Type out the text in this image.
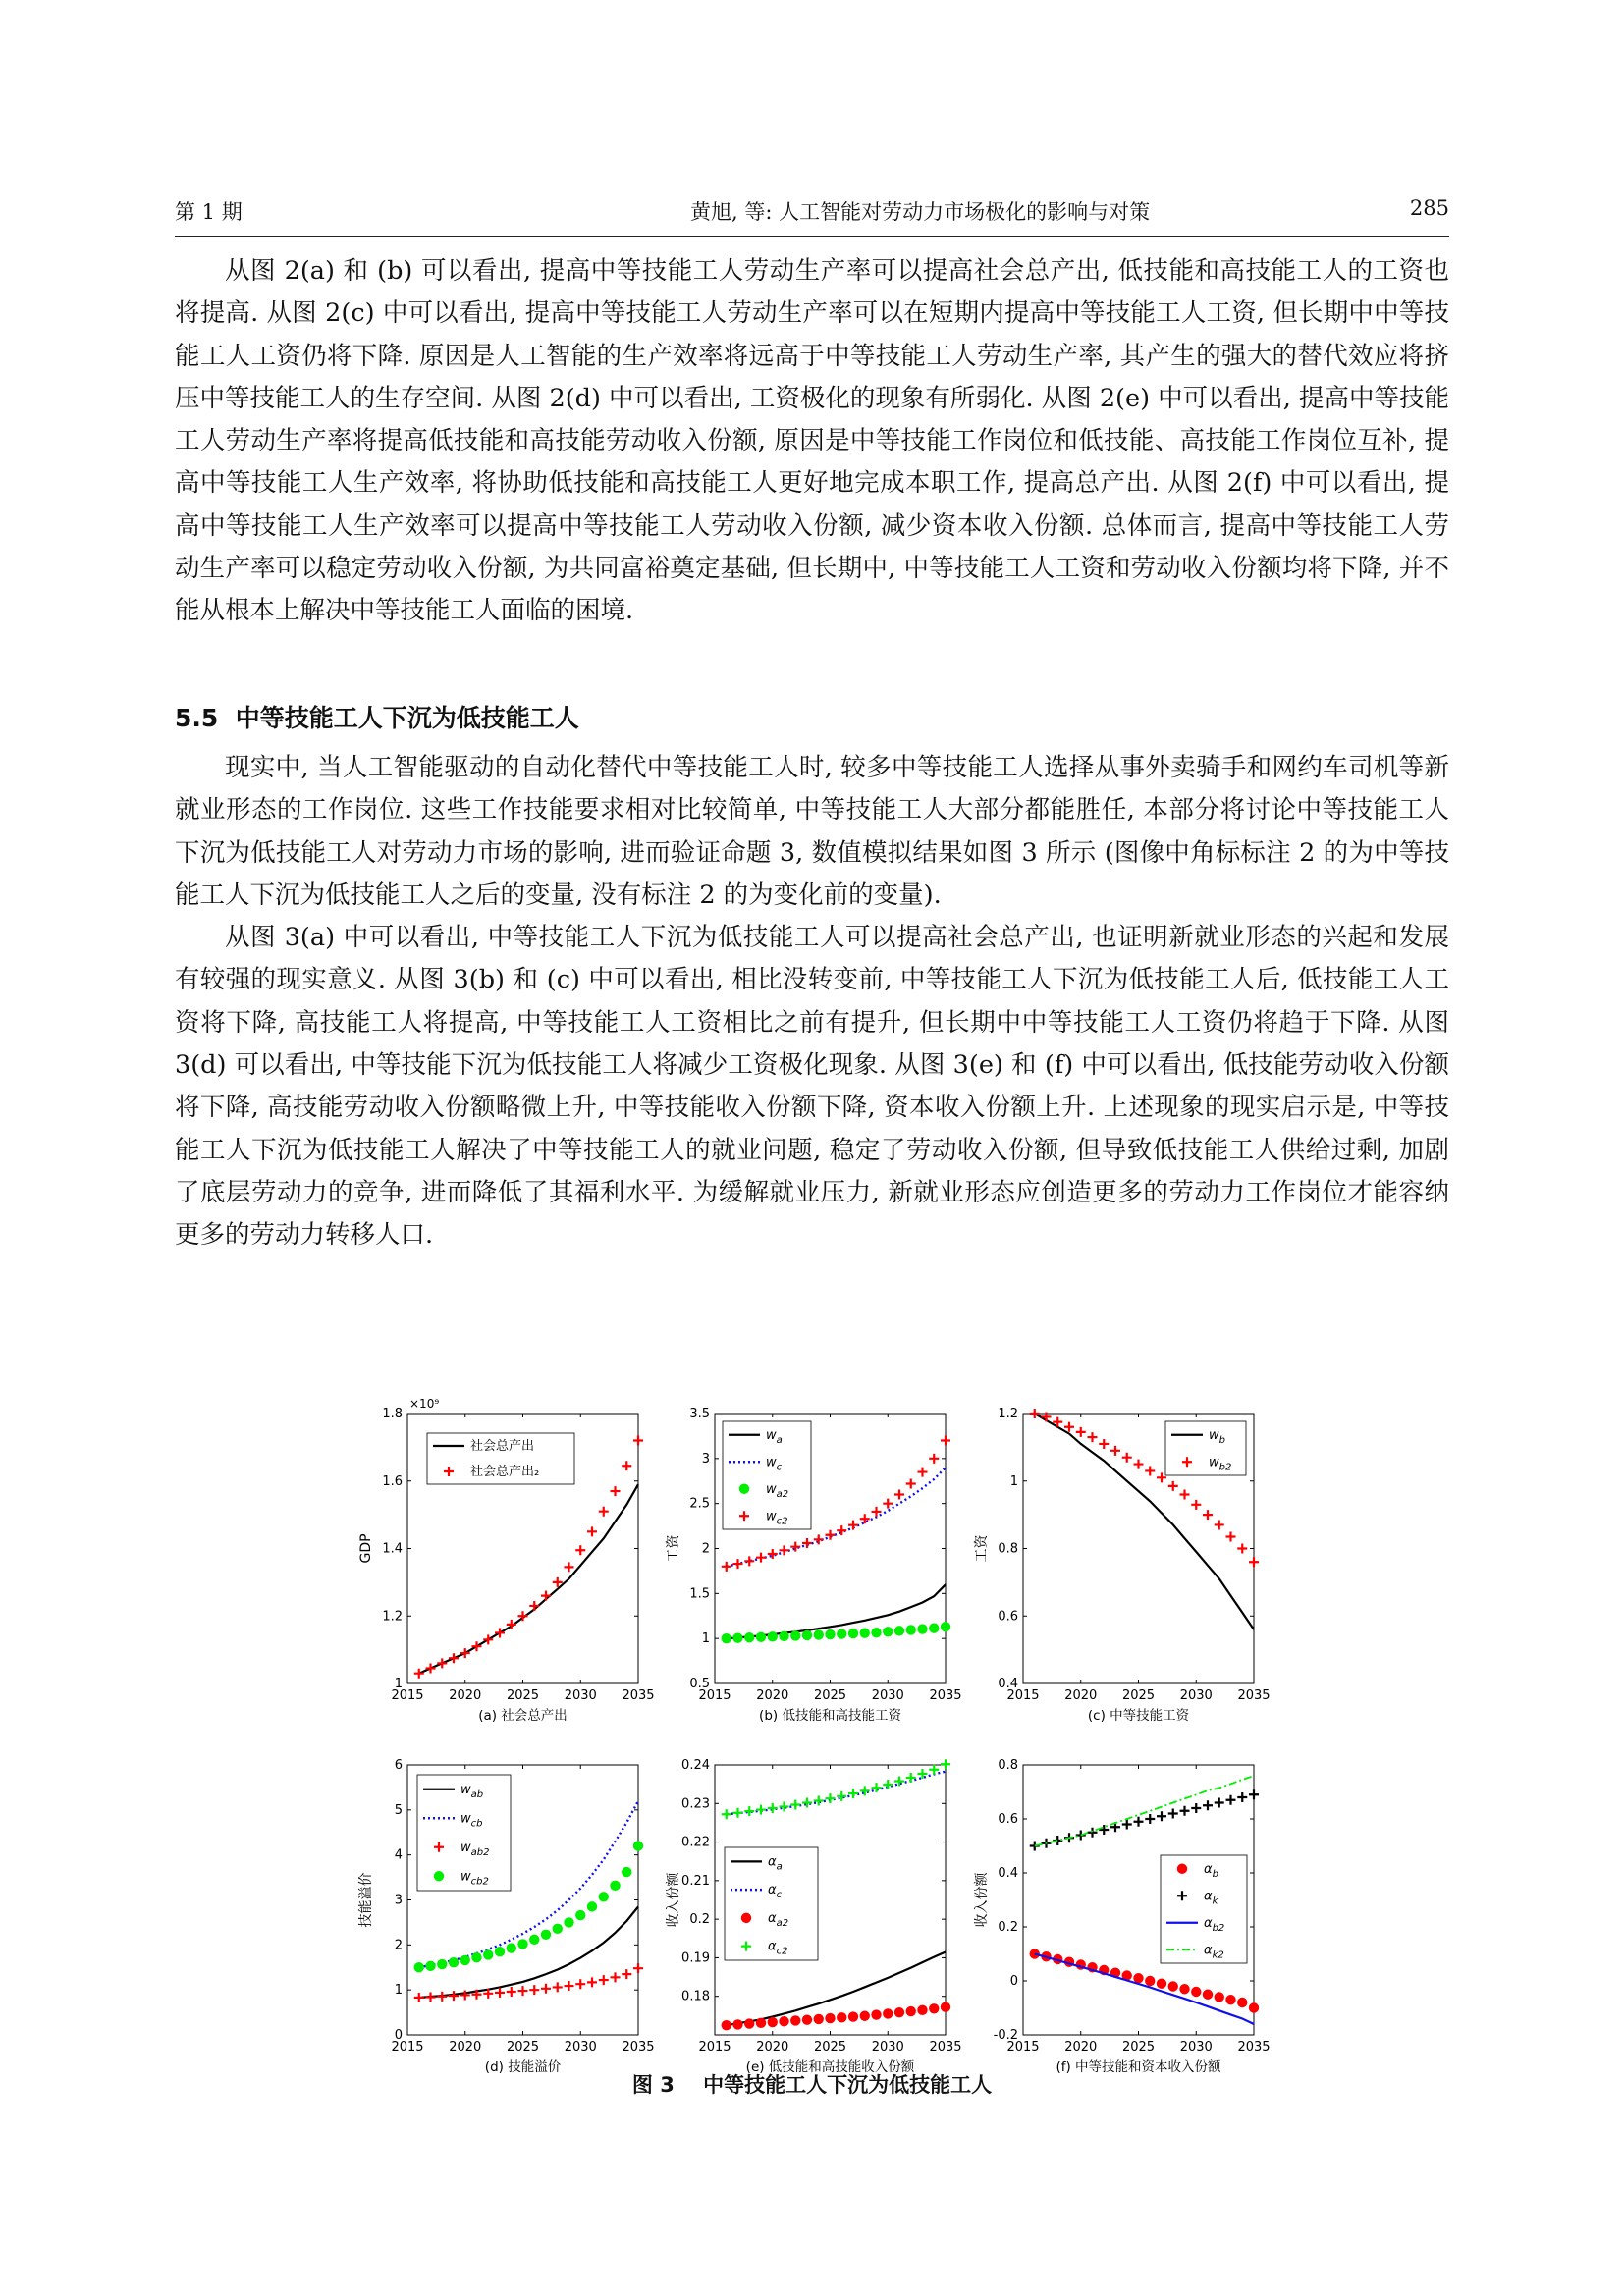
第 1 期	黄旭, 等: 人工智能对劳动力市场极化的影响与对策	285

从图 2(a) 和 (b) 可以看出, 提高中等技能工人劳动生产率可以提高社会总产出, 低技能和高技能工人的工资也将提高. 从图 2(c) 中可以看出, 提高中等技能工人劳动生产率可以在短期内提高中等技能工人工资, 但长期中中等技能工人工资仍将下降. 原因是人工智能的生产效率将远高于中等技能工人劳动生产率, 其产生的强大的替代效应将挤压中等技能工人的生存空间. 从图 2(d) 中可以看出, 工资极化的现象有所弱化. 从图 2(e) 中可以看出, 提高中等技能工人劳动生产率将提高低技能和高技能劳动收入份额, 原因是中等技能工作岗位和低技能、高技能工作岗位互补, 提高中等技能工人生产效率, 将协助低技能和高技能工人更好地完成本职工作, 提高总产出. 从图 2(f) 中可以看出, 提高中等技能工人生产效率可以提高中等技能工人劳动收入份额, 减少资本收入份额. 总体而言, 提高中等技能工人劳动生产率可以稳定劳动收入份额, 为共同富裕奠定基础, 但长期中, 中等技能工人工资和劳动收入份额均将下降, 并不能从根本上解决中等技能工人面临的困境.

5.5 中等技能工人下沉为低技能工人

现实中, 当人工智能驱动的自动化替代中等技能工人时, 较多中等技能工人选择从事外卖骑手和网约车司机等新就业形态的工作岗位. 这些工作技能要求相对比较简单, 中等技能工人大部分都能胜任, 本部分将讨论中等技能工人下沉为低技能工人对劳动力市场的影响, 进而验证命题 3, 数值模拟结果如图 3 所示 (图像中角标标注 2 的为中等技能工人下沉为低技能工人之后的变量, 没有标注 2 的为变化前的变量).

从图 3(a) 中可以看出, 中等技能工人下沉为低技能工人可以提高社会总产出, 也证明新就业形态的兴起和发展有较强的现实意义. 从图 3(b) 和 (c) 中可以看出, 相比没转变前, 中等技能工人下沉为低技能工人后, 低技能工人工资将下降, 高技能工人将提高, 中等技能工人工资相比之前有提升, 但长期中中等技能工人工资仍将趋于下降. 从图 3(d) 可以看出, 中等技能下沉为低技能工人将减少工资极化现象. 从图 3(e) 和 (f) 中可以看出, 低技能劳动收入份额将下降, 高技能劳动收入份额略微上升, 中等技能收入份额下降, 资本收入份额上升. 上述现象的现实启示是, 中等技能工人下沉为低技能工人解决了中等技能工人的就业问题, 稳定了劳动收入份额, 但导致低技能工人供给过剩, 加剧了底层劳动力的竞争, 进而降低了其福利水平. 为缓解就业压力, 新就业形态应创造更多的劳动力工作岗位才能容纳更多的劳动力转移人口.

2015 2020 2025 2030 2035
1
1.2
1.4
1.6
1.8
GDP
×10⁹
(a) 社会总产出
社会总产出
社会总产出₂
2015 2020 2025 2030 2035
0.5
1
1.5
2
2.5
3
3.5
工资
(b) 低技能和高技能工资
$w_a$
$w_c$
$w_{a2}$
$w_{c2}$
2015 2020 2025 2030 2035
0.4
0.6
0.8
1
1.2
工资
(c) 中等技能工资
$w_b$
$w_{b2}$
2015 2020 2025 2030 2035
0
1
2
3
4
5
6
技能溢价
(d) 技能溢价
$w_{ab}$
$w_{cb}$
$w_{ab2}$
$w_{cb2}$
2015 2020 2025 2030 2035
0.18
0.19
0.2
0.21
0.22
0.23
0.24
收入份额
(e) 低技能和高技能收入份额
$\alpha_a$
$\alpha_c$
$\alpha_{a2}$
$\alpha_{c2}$
2015 2020 2025 2030 2035
-0.2
0
0.2
0.4
0.6
0.8
收入份额
(f) 中等技能和资本收入份额
$\alpha_b$
$\alpha_k$
$\alpha_{b2}$
$\alpha_{k2}$
图 3 中等技能工人下沉为低技能工人
